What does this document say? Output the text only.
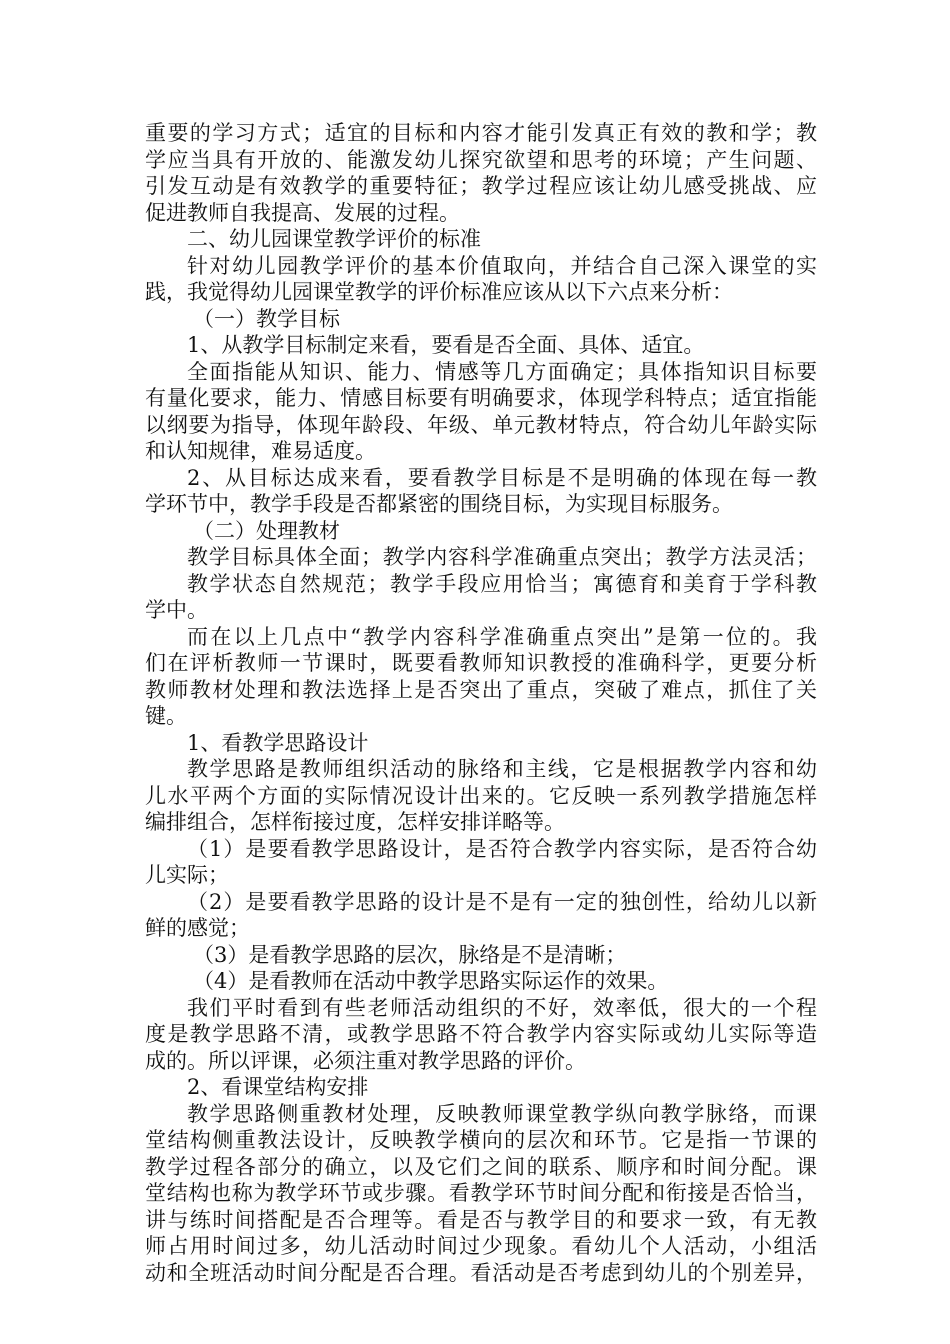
重要的学习方式；适宜的目标和内容才能引发真正有效的教和学；教
学应当具有开放的、能激发幼儿探究欲望和思考的环境；产生问题、
引发互动是有效教学的重要特征；教学过程应该让幼儿感受挑战、应
促进教师自我提高、发展的过程。
二、幼儿园课堂教学评价的标准
针对幼儿园教学评价的基本价值取向，并结合自己深入课堂的实
践，我觉得幼儿园课堂教学的评价标准应该从以下六点来分析：
（一）教学目标
1、从教学目标制定来看，要看是否全面、具体、适宜。
全面指能从知识、能力、情感等几方面确定；具体指知识目标要
有量化要求，能力、情感目标要有明确要求，体现学科特点；适宜指能
以纲要为指导，体现年龄段、年级、单元教材特点，符合幼儿年龄实际
和认知规律，难易适度。
2、从目标达成来看，要看教学目标是不是明确的体现在每一教
学环节中，教学手段是否都紧密的围绕目标，为实现目标服务。
（二）处理教材
教学目标具体全面；教学内容科学准确重点突出；教学方法灵活；
教学状态自然规范；教学手段应用恰当；寓德育和美育于学科教
学中。
而在以上几点中“教学内容科学准确重点突出”是第一位的。我
们在评析教师一节课时，既要看教师知识教授的准确科学，更要分析
教师教材处理和教法选择上是否突出了重点，突破了难点，抓住了关
键。
1、看教学思路设计
教学思路是教师组织活动的脉络和主线，它是根据教学内容和幼
儿水平两个方面的实际情况设计出来的。它反映一系列教学措施怎样
编排组合，怎样衔接过度，怎样安排详略等。
（1）是要看教学思路设计，是否符合教学内容实际，是否符合幼
儿实际；
（2）是要看教学思路的设计是不是有一定的独创性，给幼儿以新
鲜的感觉；
（3）是看教学思路的层次，脉络是不是清晰；
（4）是看教师在活动中教学思路实际运作的效果。
我们平时看到有些老师活动组织的不好，效率低，很大的一个程
度是教学思路不清，或教学思路不符合教学内容实际或幼儿实际等造
成的。所以评课，必须注重对教学思路的评价。
2、看课堂结构安排
教学思路侧重教材处理，反映教师课堂教学纵向教学脉络，而课
堂结构侧重教法设计，反映教学横向的层次和环节。它是指一节课的
教学过程各部分的确立，以及它们之间的联系、顺序和时间分配。课
堂结构也称为教学环节或步骤。看教学环节时间分配和衔接是否恰当，
讲与练时间搭配是否合理等。看是否与教学目的和要求一致，有无教
师占用时间过多，幼儿活动时间过少现象。看幼儿个人活动，小组活
动和全班活动时间分配是否合理。看活动是否考虑到幼儿的个别差异，
